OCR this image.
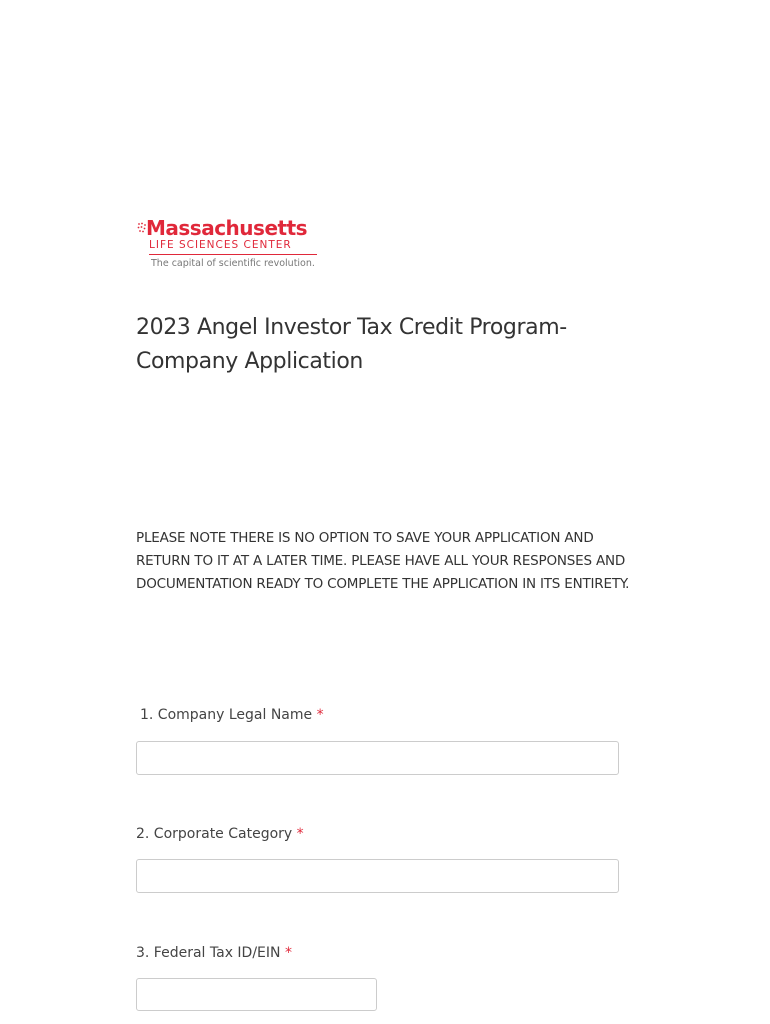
Massachusetts
LIFE SCIENCES CENTER
The capital of scientific revolution.
2023 Angel Investor Tax Credit Program- Company Application
PLEASE NOTE THERE IS NO OPTION TO SAVE YOUR APPLICATION AND RETURN TO IT AT A LATER TIME. PLEASE HAVE ALL YOUR RESPONSES AND DOCUMENTATION READY TO COMPLETE THE APPLICATION IN ITS ENTIRETY.
1. Company Legal Name *
2. Corporate Category *
3. Federal Tax ID/EIN *
